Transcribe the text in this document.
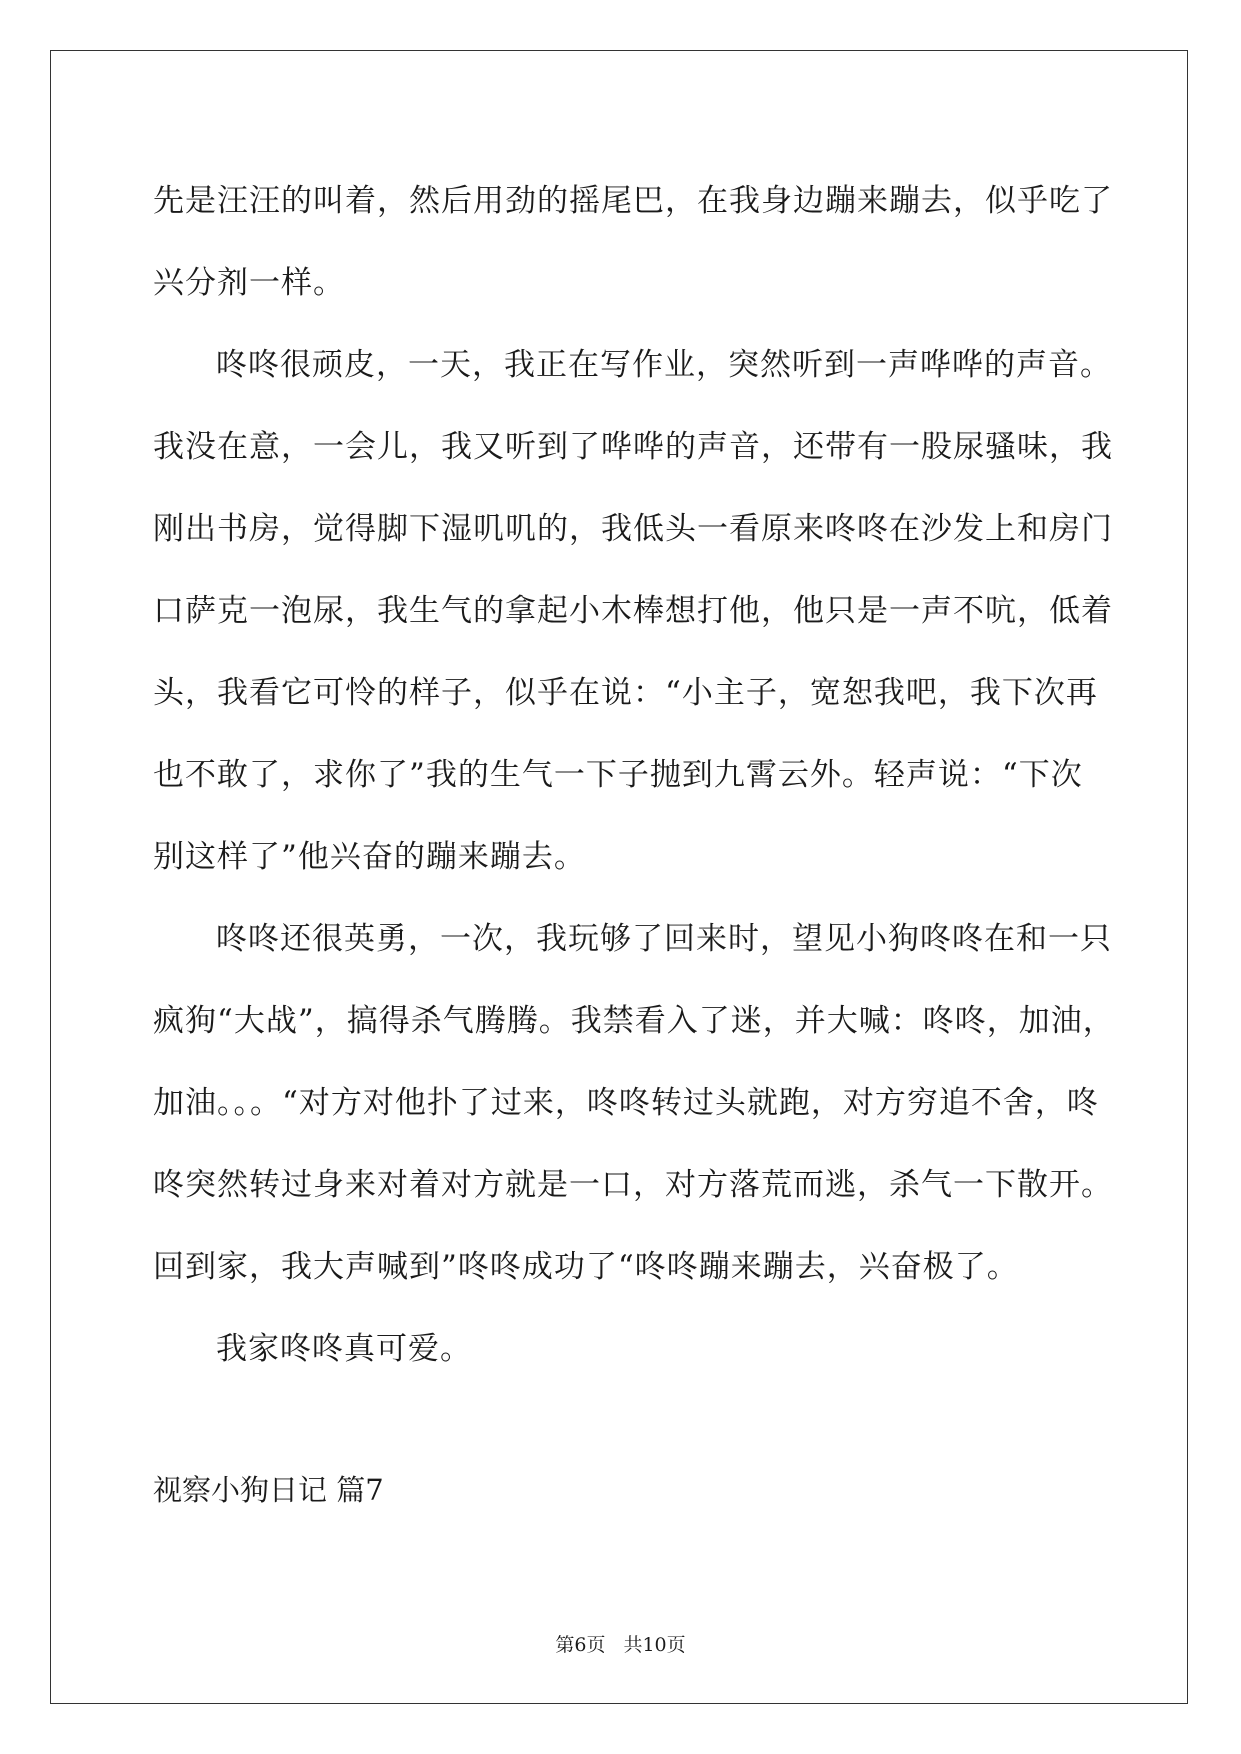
先是汪汪的叫着，然后用劲的摇尾巴，在我身边蹦来蹦去，似乎吃了
兴分剂一样。
咚咚很顽皮，一天，我正在写作业，突然听到一声哗哗的声音。
我没在意，一会儿，我又听到了哗哗的声音，还带有一股尿骚味，我
刚出书房，觉得脚下湿叽叽的，我低头一看原来咚咚在沙发上和房门
口萨克一泡尿，我生气的拿起小木棒想打他，他只是一声不吭，低着
头，我看它可怜的样子，似乎在说：“小主子，宽恕我吧，我下次再
也不敢了，求你了”我的生气一下子抛到九霄云外。轻声说：“下次
别这样了”他兴奋的蹦来蹦去。
咚咚还很英勇，一次，我玩够了回来时，望见小狗咚咚在和一只
疯狗“大战”，搞得杀气腾腾。我禁看入了迷，并大喊：咚咚，加油，
加油。。。“对方对他扑了过来，咚咚转过头就跑，对方穷追不舍，咚
咚突然转过身来对着对方就是一口，对方落荒而逃，杀气一下散开。
回到家，我大声喊到”咚咚成功了“咚咚蹦来蹦去，兴奋极了。
我家咚咚真可爱。
视察小狗日记 篇7
第6页 共10页
